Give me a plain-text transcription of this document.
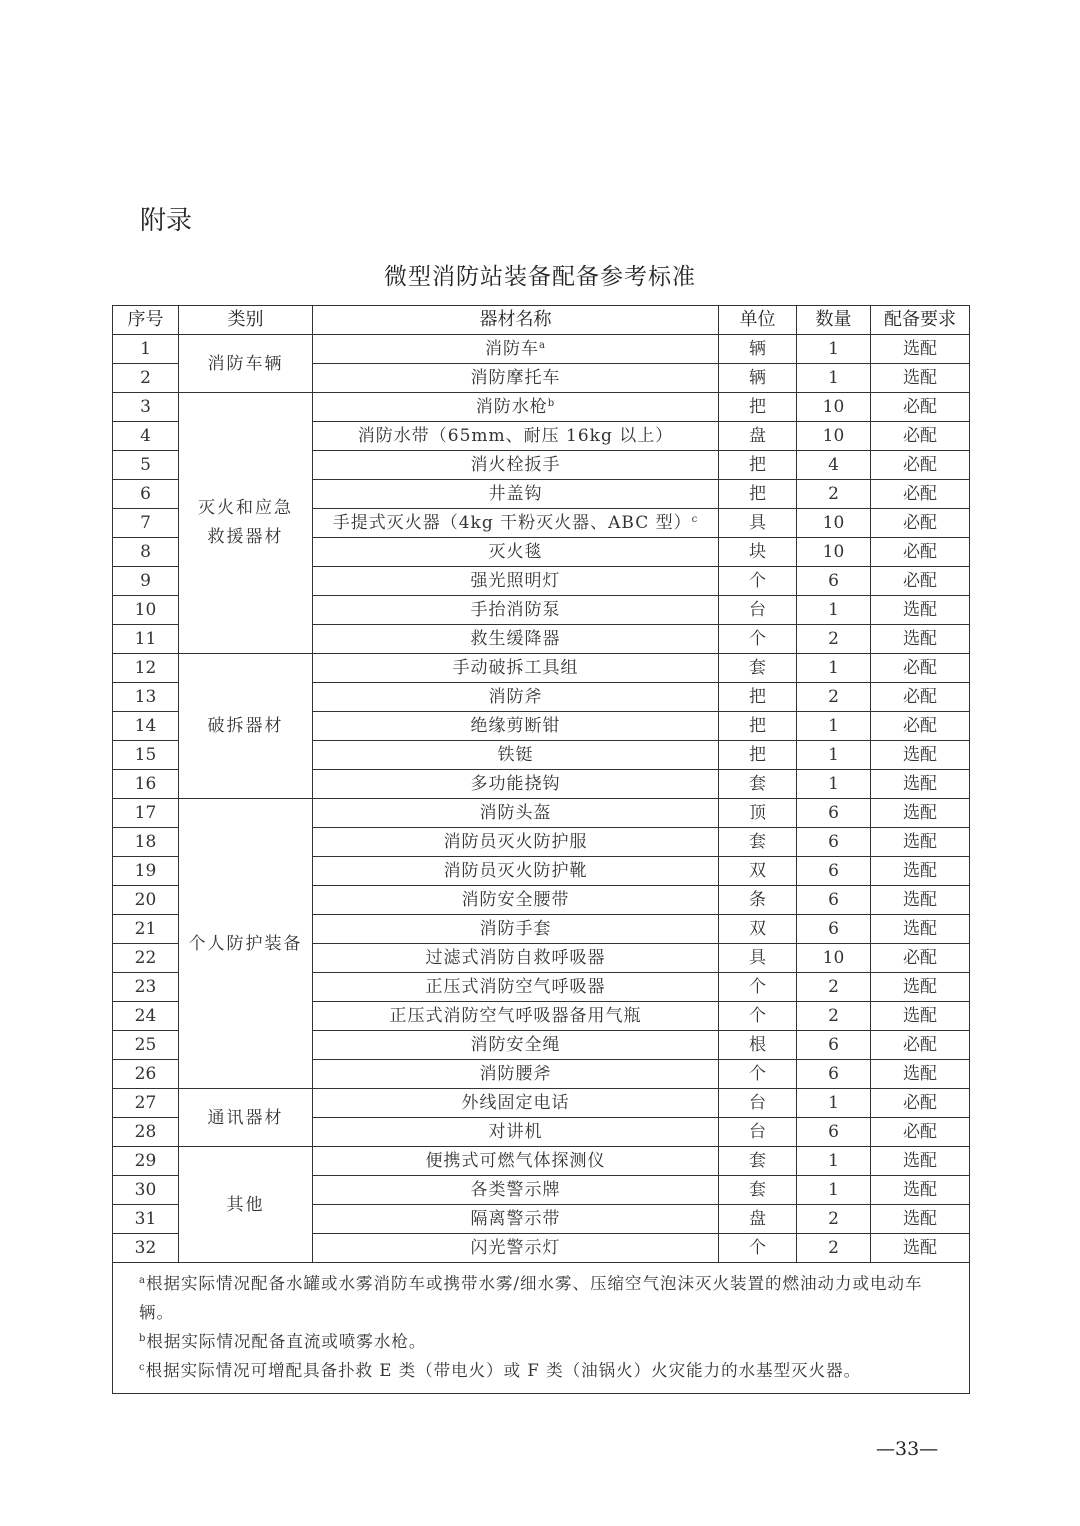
附录
微型消防站装备配备参考标准
序号	类别	器材名称	单位	数量	配备要求
1	消防车辆	消防车$^a$	辆	1	选配
2		消防摩托车	辆	1	选配
3	灭火和应急救援器材	消防水枪$^b$	把	10	必配
4		消防水带（65mm、耐压 16kg 以上）	盘	10	必配
5		消火栓扳手	把	4	必配
6		井盖钩	把	2	必配
7		手提式灭火器（4kg 干粉灭火器、ABC 型）$^c$	具	10	必配
8		灭火毯	块	10	必配
9		强光照明灯	个	6	必配
10		手抬消防泵	台	1	选配
11		救生缓降器	个	2	选配
12	破拆器材	手动破拆工具组	套	1	必配
13		消防斧	把	2	必配
14		绝缘剪断钳	把	1	必配
15		铁铤	把	1	选配
16		多功能挠钩	套	1	选配
17	个人防护装备	消防头盔	顶	6	选配
18		消防员灭火防护服	套	6	选配
19		消防员灭火防护靴	双	6	选配
20		消防安全腰带	条	6	选配
21		消防手套	双	6	选配
22		过滤式消防自救呼吸器	具	10	必配
23		正压式消防空气呼吸器	个	2	选配
24		正压式消防空气呼吸器备用气瓶	个	2	选配
25		消防安全绳	根	6	必配
26		消防腰斧	个	6	选配
27	通讯器材	外线固定电话	台	1	必配
28		对讲机	台	6	必配
29	其他	便携式可燃气体探测仪	套	1	选配
30		各类警示牌	套	1	选配
31		隔离警示带	盘	2	选配
32		闪光警示灯	个	2	选配

$^a$根据实际情况配备水罐或水雾消防车或携带水雾/细水雾、压缩空气泡沫灭火装置的燃油动力或电动车辆。
$^b$根据实际情况配备直流或喷雾水枪。
$^c$根据实际情况可增配具备扑救 E 类（带电火）或 F 类（油锅火）火灾能力的水基型灭火器。					
—33—
